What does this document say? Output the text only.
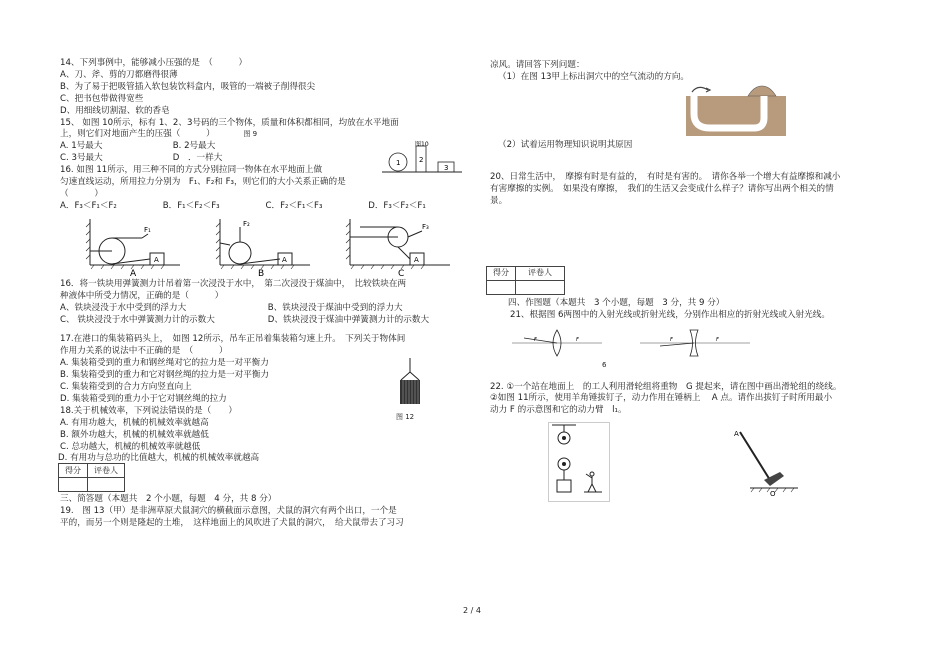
14、下列事例中，能够减小压强的是　（　　　）
A、刀、斧、剪的刀都磨得很薄
B、为了易于把吸管插入软包装饮料盒内，吸管的一端被子削得很尖
C、把书包带做得宽些
D、用细线切割湿、软的香皂
15、 如图 10所示，标有 1、2、3号码的三个物体，质量和体积都相同，均放在水平地面
上，则它们对地面产生的压强（　　　）	图 9
A. 1号最大	B. 2号最大
C. 3号最大	D　．一样大	1	2
图10
3
16. 如图 11所示，用三种不同的方式分别拉同一物体在水平地面上做
匀速直线运动，所用拉力分别为　F₁、F₂和 F₃，则它们的大小关系正确的是
（　　　）
A．F₃＜F₁＜F₂	B．F₁＜F₂＜F₃	C．F₂＜F₁＜F₃	D．F₃＜F₂＜F₁
A
F₁
A
A
F₂
B
A
F₃
C
16．将一铁块用弹簧测力计吊着第一次浸没于水中，　第二次浸没于煤油中，　比较铁块在两
种液体中所受力情况，正确的是（　　　）
A、铁块浸没于水中受到的浮力大	B、铁块浸没于煤油中受到的浮力大
C、 铁块浸没于水中弹簧测力计的示数大	D、铁块浸没于煤油中弹簧测力计的示数大
17.在港口的集装箱码头上，　如图 12所示，吊车正吊着集装箱匀速上升。　下列关于物体间
作用力关系的说法中不正确的是　（　　　）
A. 集装箱受到的重力和钢丝绳对它的拉力是一对平衡力
B. 集装箱受到的重力和它对钢丝绳的拉力是一对平衡力
C. 集装箱受到的合力方向竖直向上
D. 集装箱受到的重力小于它对钢丝绳的拉力
图 12
18.关于机械效率，下列说法错误的是（　　）
A. 有用功越大，机械的机械效率就越高
B. 额外功越大，机械的机械效率就越低
C. 总功越大，机械的机械效率就越低
D. 有用功与总功的比值越大，机械的机械效率就越高
得分	评卷人

三、简答题（本题共　2 个小题，每题　4 分，共 8 分）
19.　图 13（甲）是非洲草原犬鼠洞穴的横截面示意图，犬鼠的洞穴有两个出口，一个是
平的，而另一个则是隆起的土堆，　这样地面上的风吹进了犬鼠的洞穴，　给犬鼠带去了习习
凉风。请回答下列问题：
（1）在图 13甲上标出洞穴中的空气流动的方向。
（2）试着运用物理知识说明其原因
20、日常生活中，　摩擦有时是有益的，　有时是有害的。　请你各举一个增大有益摩擦和减小
有害摩擦的实例。　如果没有摩擦，　我们的生活又会变成什么样子？请你写出两个相关的情
景。
得分	评卷人

四、作图题（本题共　3 个小题，每题　3 分，共 9 分）
21、根据图 6两图中的入射光线或折射光线，分别作出相应的折射光线或入射光线。
F	F	F	F
6
22. ①一个站在地面上　的工人利用滑轮组将重物　G 提起来，请在图中画出滑轮组的绕线。
②如图 11所示，使用羊角锤拔钉子，动力作用在锤柄上　 A 点。请作出拔钉子时所用最小
动力 F 的示意图和它的动力臂　l₁。
A
O
2 / 4
